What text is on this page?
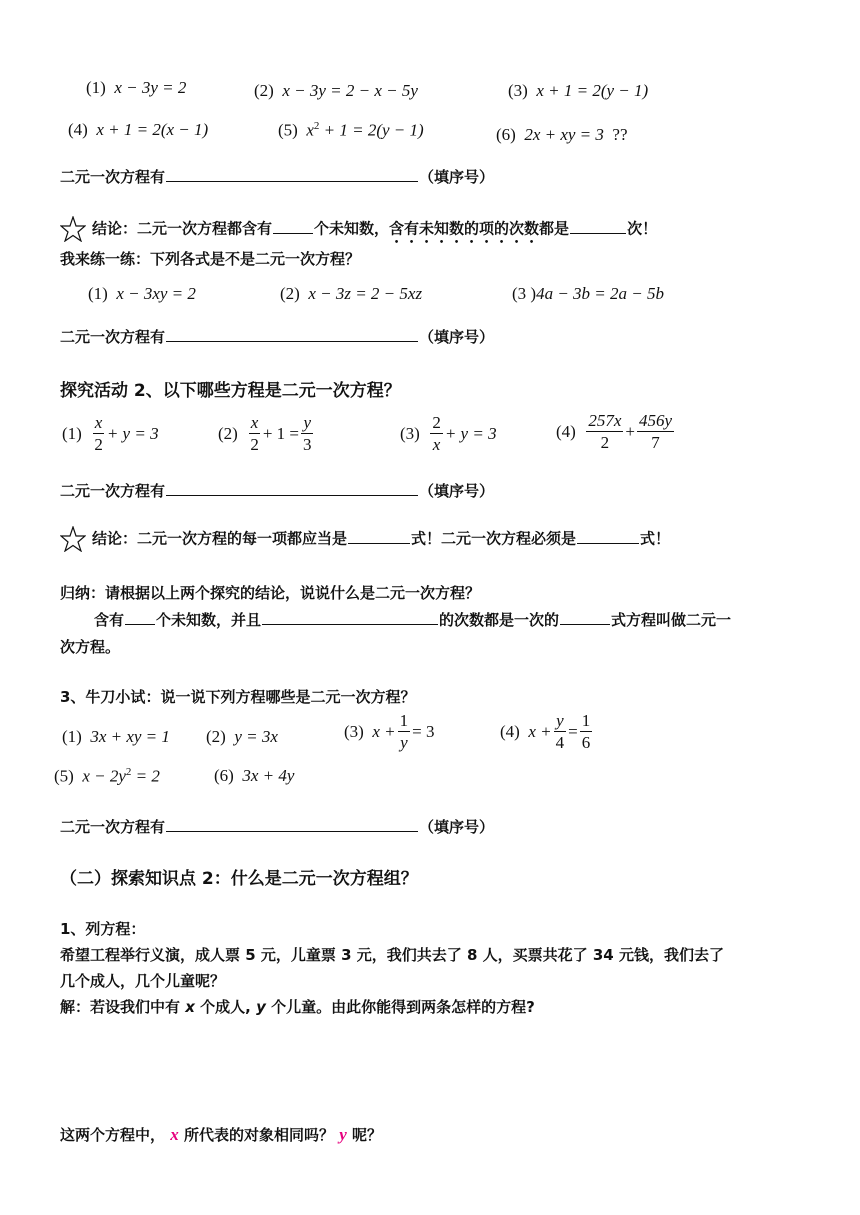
(1) x − 3y = 2	(2) x − 3y = 2 − x − 5y	(3) x + 1 = 2(y − 1)
(4) x + 1 = 2(x − 1)	(5) $x^2 + 1 = 2(y - 1)$	(6) 2x + xy = 3 ??
二元一次方程有	（填序号）
结论：二元一次方程都含有	个未知数，含有未知数的项的次数都是	次！
我来练一练：下列各式是不是二元一次方程？
(1) x − 3xy = 2	(2) x − 3z = 2 − 5xz	(3 )4a − 3b = 2a − 5b
二元一次方程有	（填序号）
探究活动 2、以下哪些方程是二元一次方程？
(1)
$\frac{x}{2} + y = 3$	(2)
$\frac{x}{2} + 1 = \frac{y}{3}$	(3)
$\frac{2}{x} + y = 3$	(4)
$\frac{257x}{2} + \frac{456y}{7}$
二元一次方程有	（填序号）
结论：二元一次方程的每一项都应当是	式！二元一次方程必须是	式！
归纳：请根据以上两个探究的结论，说说什么是二元一次方程？
含有 个未知数，并且	的次数都是一次的	式方程叫做二元一
次方程。
3、牛刀小试：说一说下列方程哪些是二元一次方程？
(1) 3x + xy = 1 (2) y = 3x	(3)
$x + \frac{1}{y} = 3$	(4)
$x + \frac{y}{4} = \frac{1}{6}$
(5) $x - 2y^2 = 2$	(6) 3x + 4y
二元一次方程有	（填序号）
（二）探索知识点 2：什么是二元一次方程组？
1、列方程：
希望工程举行义演，成人票 5 元，儿童票 3 元，我们共去了 8 人，买票共花了 34 元钱，我们去了
几个成人，几个儿童呢？
解：若设我们中有 x 个成人, y 个儿童。由此你能得到两条怎样的方程?
这两个方程中， x 所代表的对象相同吗？ y 呢？
